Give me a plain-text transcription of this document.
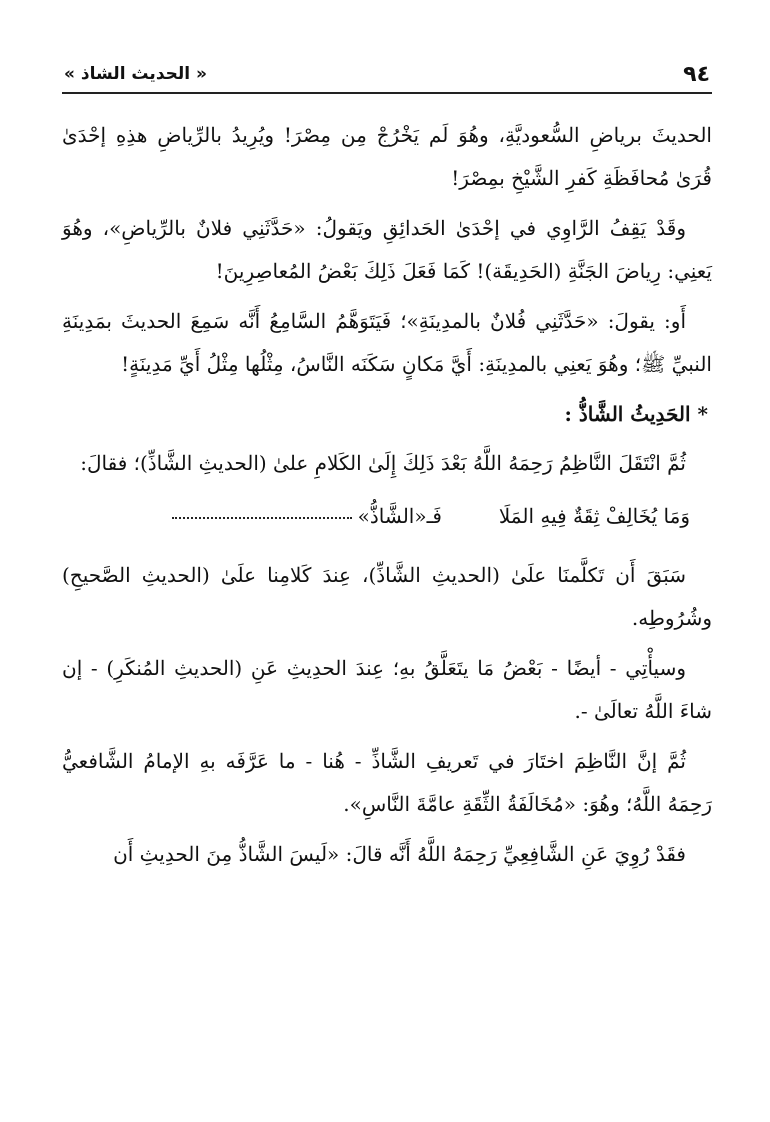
٩٤
« الحديث الشاذ »

الحديثَ برياضِ السُّعوديَّةِ، وهُوَ لَم يَخْرُجْ مِن مِصْرَ! ويُرِيدُ بالرِّياضِ هذِهِ إحْدَىٰ قُرَىٰ مُحافَظَةِ كَفرِ الشَّيْخِ بمِصْرَ!

وقَدْ يَقِفُ الرَّاوِي في إحْدَىٰ الحَدائِقِ ويَقولُ: «حَدَّثَنِي فلانٌ بالرِّياضِ»، وهُوَ يَعنِي: رِياضَ الجَنَّةِ (الحَدِيقَة)! كَمَا فَعَلَ ذَلِكَ بَعْضُ المُعاصِرِينَ!

أَو: يقولَ: «حَدَّثَنِي فُلانٌ بالمدِينَةِ»؛ فَيَتَوَهَّمُ السَّامِعُ أَنَّه سَمِعَ الحديثَ بمَدِينَةِ النبيِّ ﷺ؛ وهُوَ يَعنِي بالمدِينَةِ: أَيَّ مَكانٍ سَكَنَه النَّاسُ، مِثْلُها مِثْلُ أَيِّ مَدِينَةٍ!

* الحَدِيثُ الشَّاذُّ :

ثُمَّ انْتَقَلَ النَّاظِمُ رَحِمَهُ اللَّهُ بَعْدَ ذَلِكَ إِلَىٰ الكَلامِ علىٰ (الحديثِ الشَّاذِّ)؛ فقالَ:

وَمَا يُخَالِفْ ثِقَةٌ فِيهِ المَلَا
فَـ«الشَّاذُّ»

سَبَقَ أَن تَكلَّمنَا علَىٰ (الحديثِ الشَّاذِّ)، عِندَ كَلامِنا علَىٰ (الحديثِ الصَّحيحِ) وشُرُوطِه.

وسيأْتِي - أيضًا - بَعْضُ مَا يتَعَلَّقُ بهِ؛ عِندَ الحدِيثِ عَنِ (الحديثِ المُنكَرِ) - إن شاءَ اللَّهُ تعالَىٰ -.

ثُمَّ إنَّ النَّاظِمَ اختَارَ في تَعريفِ الشَّاذِّ - هُنا - ما عَرَّفَه بهِ الإمامُ الشَّافعيُّ رَحِمَهُ اللَّهُ؛ وهُوَ: «مُخَالَفَةُ الثِّقَةِ عامَّةَ النَّاسِ».

فقَدْ رُوِيَ عَنِ الشَّافِعِيِّ رَحِمَهُ اللَّهُ أَنَّه قالَ: «لَيسَ الشَّاذُّ مِنَ الحدِيثِ أَن
